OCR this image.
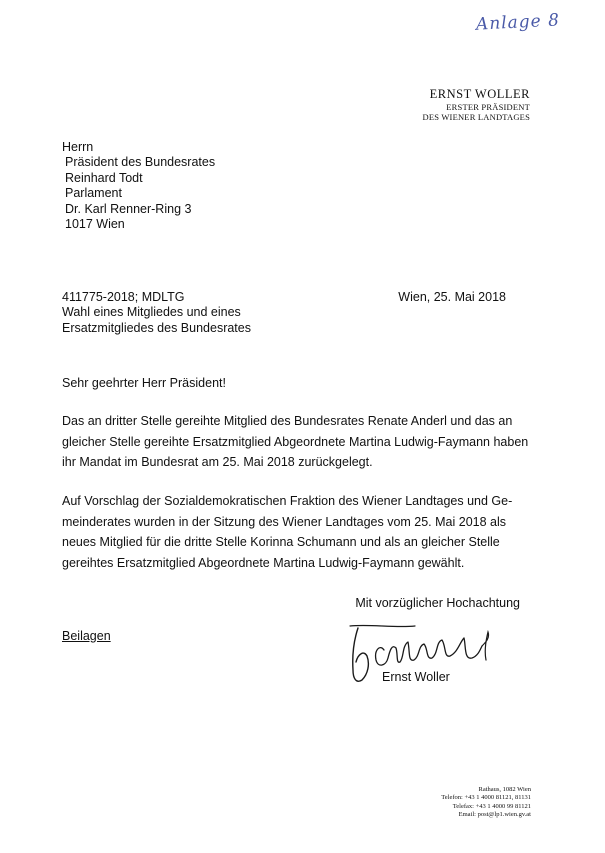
Anlage 8
ERNST WOLLER
ERSTER PRÄSIDENT
DES WIENER LANDTAGES
Herrn
Präsident des Bundesrates
Reinhard Todt
Parlament
Dr. Karl Renner-Ring 3
1017 Wien
411775-2018; MDLTG
Wahl eines Mitgliedes und eines
Ersatzmitgliedes des Bundesrates
Wien, 25. Mai 2018
Sehr geehrter Herr Präsident!
Das an dritter Stelle gereihte Mitglied des Bundesrates Renate Anderl und das an
gleicher Stelle gereihte Ersatzmitglied Abgeordnete Martina Ludwig-Faymann haben
ihr Mandat im Bundesrat am 25. Mai 2018 zurückgelegt.
Auf Vorschlag der Sozialdemokratischen Fraktion des Wiener Landtages und Ge-
meinderates wurden in der Sitzung des Wiener Landtages vom 25. Mai 2018 als
neues Mitglied für die dritte Stelle Korinna Schumann und als an gleicher Stelle
gereihtes Ersatzmitglied Abgeordnete Martina Ludwig-Faymann gewählt.
Mit vorzüglicher Hochachtung
Beilagen
Ernst Woller
Rathaus, 1082 Wien
Telefon: +43 1 4000 81121, 81131
Telefax: +43 1 4000 99 81121
Email: post@lp1.wien.gv.at
